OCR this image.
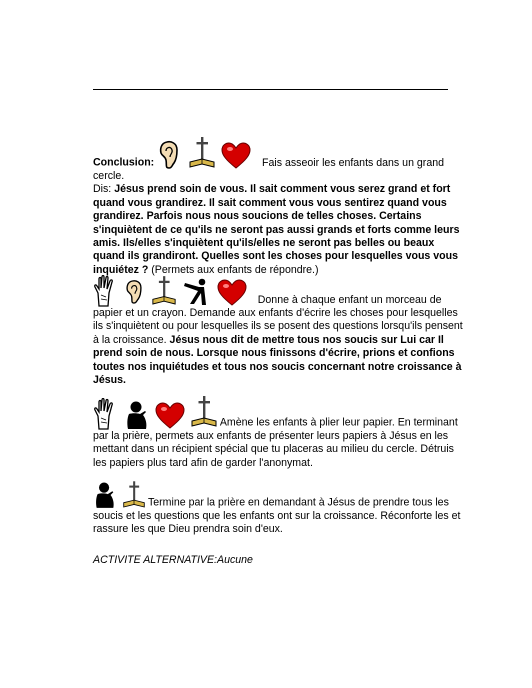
Conclusion:	Fais asseoir les enfants dans un grand cercle.
Dis: Jésus prend soin de vous. Il sait comment vous serez grand et fort quand vous grandirez. Il sait comment vous vous sentirez quand vous grandirez. Parfois nous nous soucions de telles choses. Certains s'inquiètent de ce qu'ils ne seront pas aussi grands et forts comme leurs amis. Ils/elles s'inquiètent qu'ils/elles ne seront pas belles ou beaux quand ils grandiront. Quelles sont les choses pour lesquelles vous vous inquiétez ? (Permets aux enfants de répondre.)
Donne à chaque enfant un morceau de papier et un crayon. Demande aux enfants d'écrire les choses pour lesquelles ils s'inquiètent ou pour lesquelles ils se posent des questions lorsqu'ils pensent à la croissance. Jésus nous dit de mettre tous nos soucis sur Lui car Il prend soin de nous. Lorsque nous finissons d'écrire, prions et confions toutes nos inquiétudes et tous nos soucis concernant notre croissance à Jésus.
Amène les enfants à plier leur papier. En terminant par la prière, permets aux enfants de présenter leurs papiers à Jésus en les mettant dans un récipient spécial que tu placeras au milieu du cercle. Détruis les papiers plus tard afin de garder l'anonymat.
Termine par la prière en demandant à Jésus de prendre tous les soucis et les questions que les enfants ont sur la croissance. Réconforte les et rassure les que Dieu prendra soin d'eux.
ACTIVITE ALTERNATIVE:Aucune
